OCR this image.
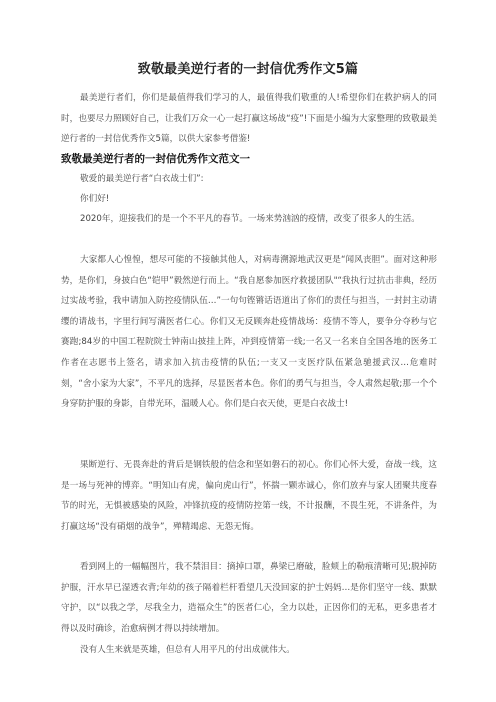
致敬最美逆行者的一封信优秀作文5篇

最美逆行者们，你们是最值得我们学习的人，最值得我们敬重的人!希望你们在救护病人的同时，也要尽力照顾好自己，让我们万众一心一起打赢这场战“疫”!下面是小编为大家整理的致敬最美逆行者的一封信优秀作文5篇，以供大家参考借鉴!

致敬最美逆行者的一封信优秀作文范文一

敬爱的最美逆行者“白衣战士们”:

你们好!

2020年，迎接我们的是一个不平凡的春节。一场来势汹汹的疫情，改变了很多人的生活。

大家都人心惶惶，想尽可能的不接触其他人，对病毒溯源地武汉更是“闻风丧胆”。面对这种形势，是你们，身披白色“铠甲”毅然逆行而上。“我自愿参加医疗救援团队"“我执行过抗击非典，经历过实战考验，我申请加入防控疫情队伍…”一句句铿锵话语道出了你们的责任与担当，一封封主动请缨的请战书，字里行间写满医者仁心。你们又无反顾奔赴疫情战场：疫情不等人，要争分夺秒与它赛跑;84岁的中国工程院院士钟南山披挂上阵，冲到疫情第一线;一名又一名来自全国各地的医务工作者在志愿书上签名，请求加入抗击疫情的队伍;一支又一支医疗队伍紧急驰援武汉…危难时刻，“舍小家为大家”，不平凡的选择，尽显医者本色。你们的勇气与担当，令人肃然起敬;那一个个身穿防护服的身影，自带光环，温暖人心。你们是白衣天使，更是白衣战士!

果断逆行、无畏奔赴的背后是钢铁般的信念和坚如磐石的初心。你们心怀大爱，奋战一线，这是一场与死神的博弈。“明知山有虎，偏向虎山行”，怀揣一颗赤诚心，你们放弃与家人团聚共度春节的时光，无惧被感染的风险，冲锋抗疫的疫情防控第一线，不计报酬，不畏生死，不讲条件，为打赢这场“没有硝烟的战争”，殚精竭虑、无怨无悔。

看到网上的一幅幅图片，我不禁泪目：摘掉口罩，鼻梁已磨破，脸颊上的勒痕清晰可见;脱掉防护服，汗水早已湿透衣背;年幼的孩子隔着栏杆看望几天没回家的护士妈妈…是你们坚守一线、默默守护，以“以我之学，尽我全力，造福众生”的医者仁心，全力以赴，正因你们的无私，更多患者才得以及时确诊，治愈病例才得以持续增加。

没有人生来就是英雄，但总有人用平凡的付出成就伟大。
